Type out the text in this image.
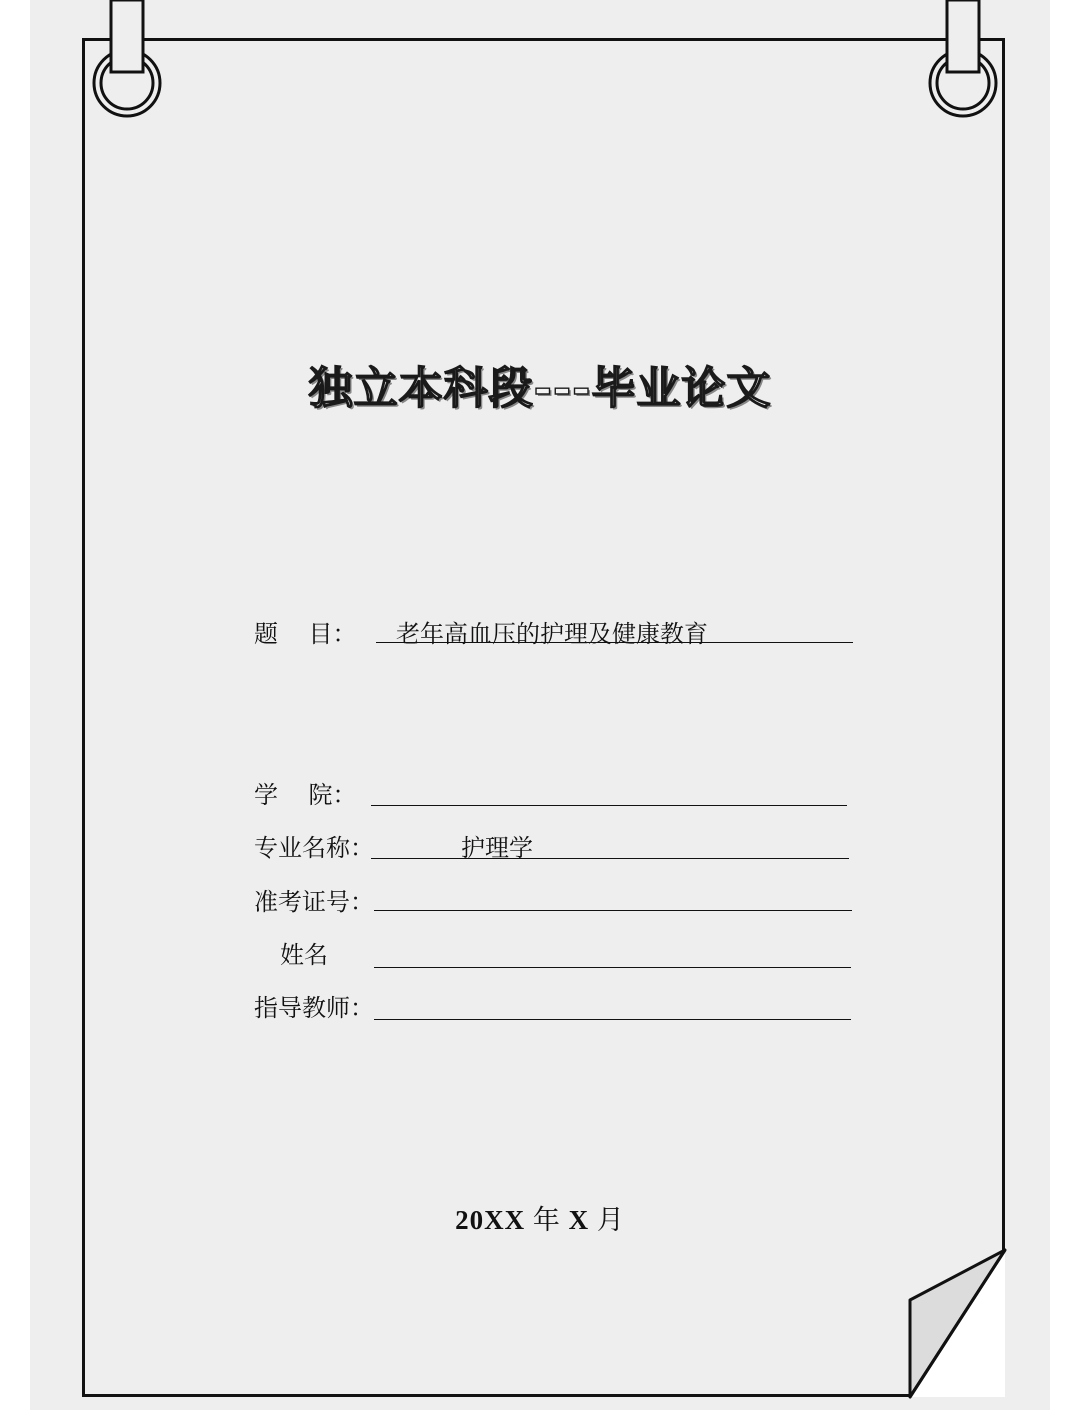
独立本科段---毕业论文
题    目： 老年高血压的护理及健康教育
学    院：
专业名称：	护理学
准考证号：
姓名
指导教师：
20XX 年 X 月
